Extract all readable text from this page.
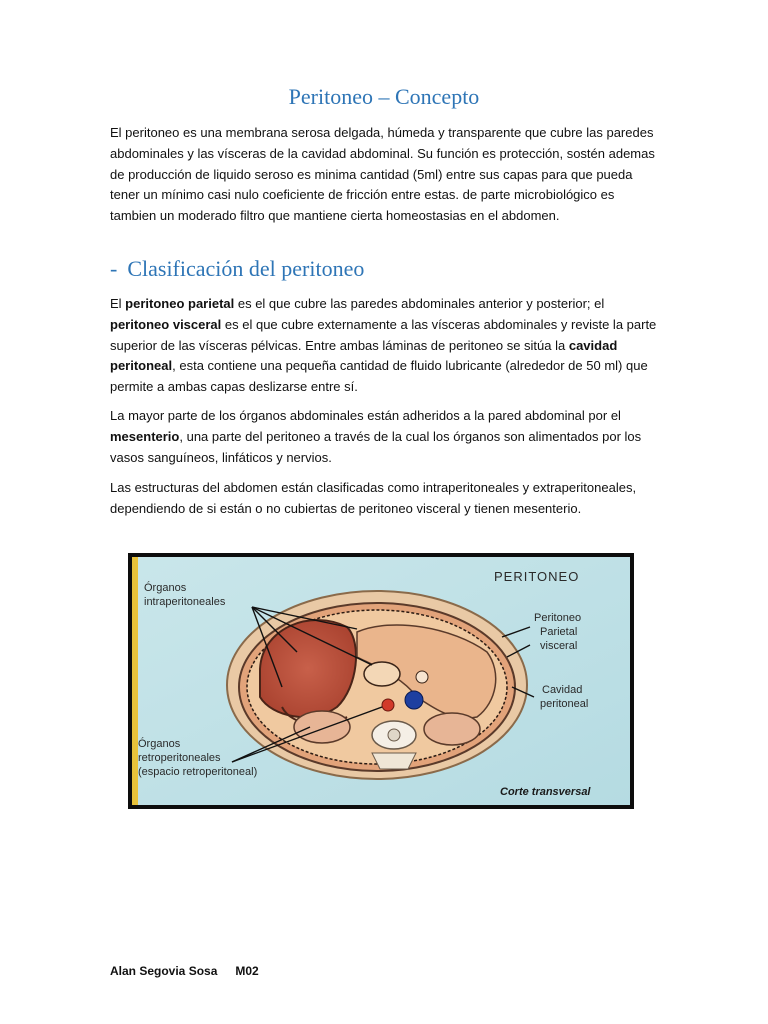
Peritoneo – Concepto

El peritoneo es una membrana serosa delgada, húmeda y transparente que cubre las paredes abdominales y las vísceras de la cavidad abdominal. Su función es protección, sostén ademas de producción de liquido seroso es minima cantidad (5ml) entre sus capas para que pueda tener un mínimo casi nulo coeficiente de fricción entre estas. de parte microbiológico es tambien un moderado filtro que mantiene cierta homeostasias en el abdomen.

- Clasificación del peritoneo

El peritoneo parietal es el que cubre las paredes abdominales anterior y posterior; el peritoneo visceral es el que cubre externamente a las vísceras abdominales y reviste la parte superior de las vísceras pélvicas. Entre ambas láminas de peritoneo se sitúa la cavidad peritoneal, esta contiene una pequeña cantidad de fluido lubricante (alrededor de 50 ml) que permite a ambas capas deslizarse entre sí.

La mayor parte de los órganos abdominales están adheridos a la pared abdominal por el mesenterio, una parte del peritoneo a través de la cual los órganos son alimentados por los vasos sanguíneos, linfáticos y nervios.

Las estructuras del abdomen están clasificadas como intraperitoneales y extraperitoneales, dependiendo de si están o no cubiertas de peritoneo visceral y tienen mesenterio.

Órganos
intraperitoneales
PERITONEO
Peritoneo
Parietal
visceral
Cavidad
peritoneal
Órganos
retroperitoneales
(espacio retroperitoneal)
Corte transversal
Alan Segovia Sosa M02
